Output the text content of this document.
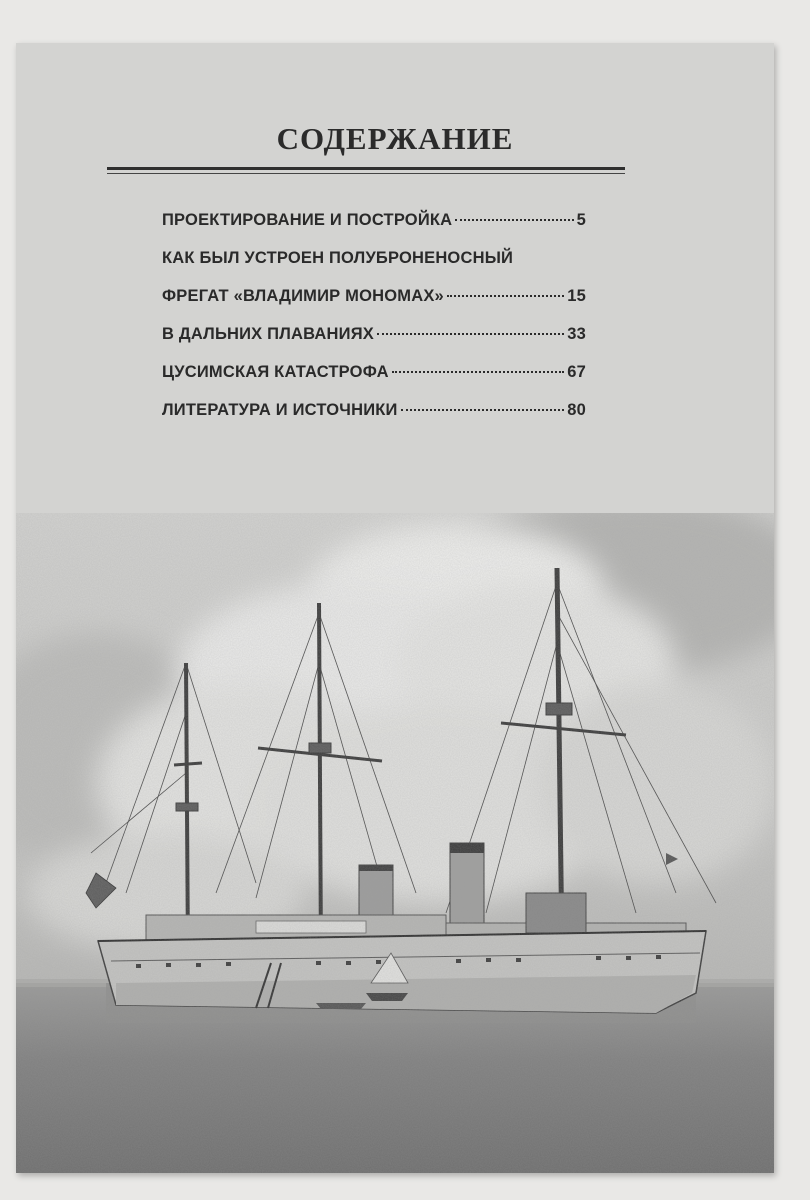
СОДЕРЖАНИЕ
ПРОЕКТИРОВАНИЕ И ПОСТРОЙКА	5
КАК БЫЛ УСТРОЕН ПОЛУБРОНЕНОСНЫЙ
ФРЕГАТ «ВЛАДИМИР МОНОМАХ»	15
В ДАЛЬНИХ ПЛАВАНИЯХ	33
ЦУСИМСКАЯ КАТАСТРОФА	67
ЛИТЕРАТУРА И ИСТОЧНИКИ	80
